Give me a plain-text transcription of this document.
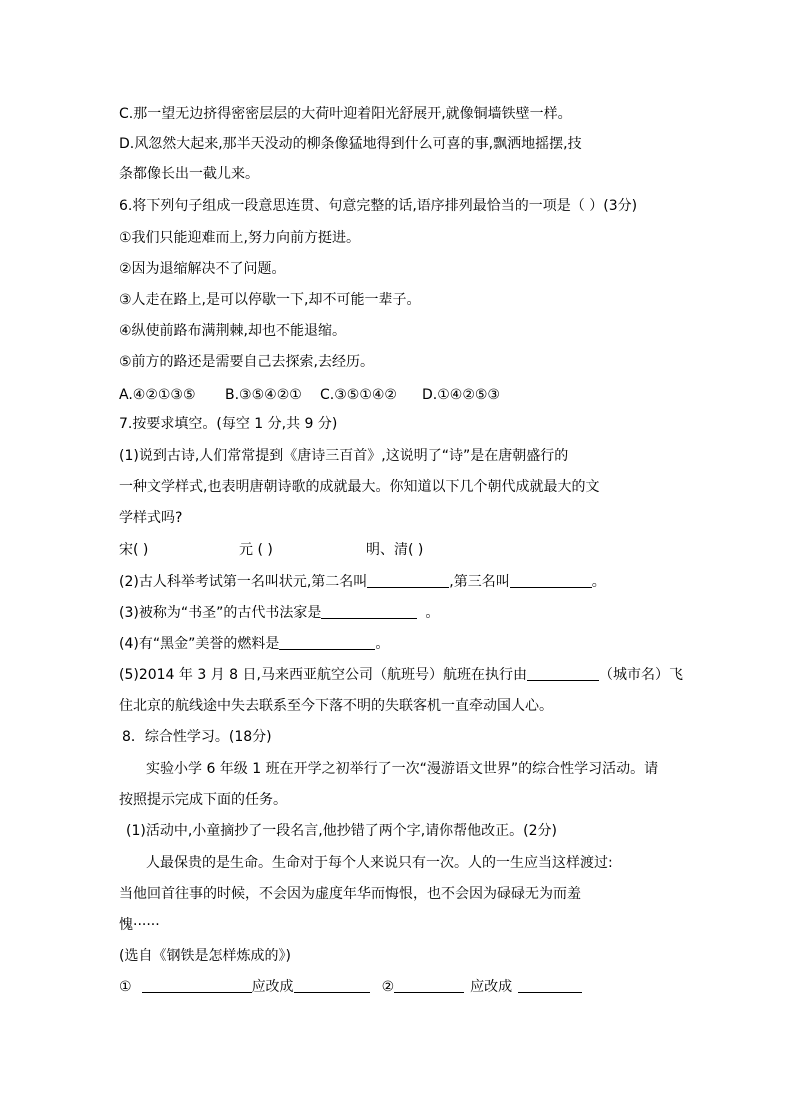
C.那一望无边挤得密密层层的大荷叶迎着阳光舒展开,就像铜墙铁壁一样。
D.风忽然大起来,那半天没动的柳条像猛地得到什么可喜的事,飘洒地摇摆,技
条都像长出一截儿来。
6.将下列句子组成一段意思连贯、句意完整的话,语序排列最恰当的一项是（ ）(3分)
①我们只能迎难而上,努力向前方挺进。
②因为退缩解决不了问题。
③人走在路上,是可以停歇一下,却不可能一辈子。
④纵使前路布满荆棘,却也不能退缩。
⑤前方的路还是需要自己去探索,去经历。
A.④②①③⑤ B.③⑤④②① C.③⑤①④② D.①④②⑤③
7.按要求填空。(每空 1 分,共 9 分)
(1)说到古诗,人们常常提到《唐诗三百首》,这说明了“诗”是在唐朝盛行的
一种文学样式,也表明唐朝诗歌的成就最大。你知道以下几个朝代成就最大的文
学样式吗?
宋( )	元 ( )	明、清( )
(2)古人科举考试第一名叫状元,第二名叫	,第三名叫	。
(3)被称为“书圣”的古代书法家是	。
(4)有“黑金”美誉的燃料是	。
(5)2014 年 3 月 8 日,马来西亚航空公司（航班号）航班在执行由	（城市名）飞
住北京的航线途中失去联系至今下落不明的失联客机一直牵动国人心。
8．综合性学习。(18分)
实验小学 6 年级 1 班在开学之初举行了一次“漫游语文世界”的综合性学习活动。请
按照提示完成下面的任务。
(1)活动中,小童摘抄了一段名言,他抄错了两个字,请你帮他改正。(2分)
人最保贵的是生命。生命对于每个人来说只有一次。人的一生应当这样渡过:
当他回首往事的时候，不会因为虚度年华而悔恨，也不会因为碌碌无为而羞
愧······
(选自《钢铁是怎样炼成的》)
①	应改成	②	应改成
